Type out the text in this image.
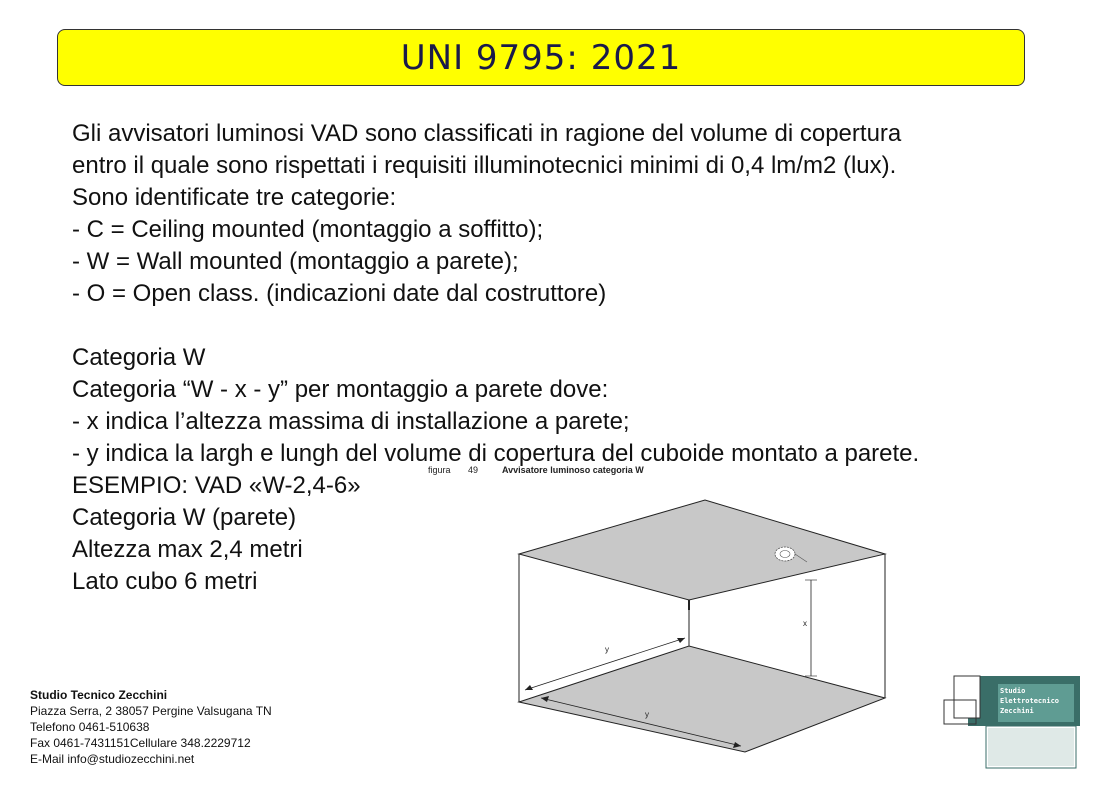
UNI 9795: 2021
Gli avvisatori luminosi VAD sono classificati in ragione del volume di copertura
entro il quale sono rispettati i requisiti illuminotecnici minimi di 0,4 lm/m2 (lux).
Sono identificate tre categorie:
- C = Ceiling mounted (montaggio a soffitto);
- W = Wall mounted (montaggio a parete);
- O = Open class. (indicazioni date dal costruttore)
Categoria W
Categoria “W - x - y” per montaggio a parete dove:
- x indica l’altezza massima di installazione a parete;
- y indica la largh e lungh del volume di copertura del cuboide montato a parete.
ESEMPIO: VAD «W-2,4-6»
Categoria W (parete)
Altezza max 2,4 metri
Lato cubo 6 metri
figura 49	Avvisatore luminoso categoria W
x
y
y
Studio Tecnico Zecchini
Piazza Serra, 2 38057 Pergine Valsugana TN
Telefono 0461-510638
Fax 0461-7431151Cellulare 348.2229712
E-Mail info@studiozecchini.net
Studio
Elettrotecnico
Zecchini
